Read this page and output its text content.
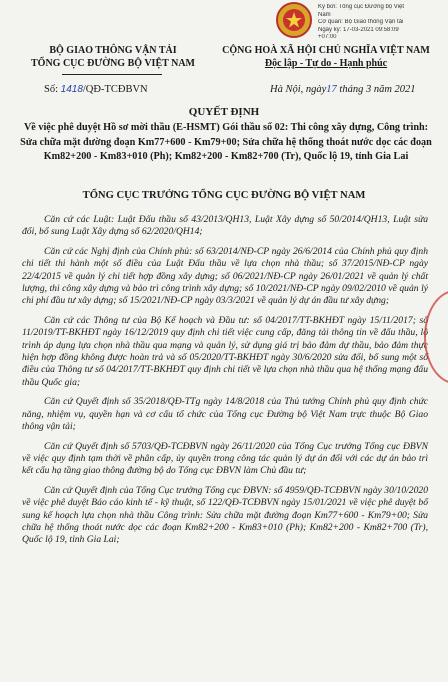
Ký bởi: Tổng cục Đường bộ Việt
Nam
Cơ quan: Bộ Giao thông Vận tải
Ngày ký: 17-03-2021 09:58:09
+07:00
BỘ GIAO THÔNG VẬN TẢI
TỔNG CỤC ĐƯỜNG BỘ VIỆT NAM
CỘNG HOÀ XÃ HỘI CHỦ NGHĨA VIỆT NAM
Độc lập - Tự do - Hạnh phúc
Số: 1418/QĐ-TCĐBVN	Hà Nội, ngày17 tháng 3 năm 2021
QUYẾT ĐỊNH
Về việc phê duyệt Hồ sơ mời thầu (E-HSMT) Gói thầu số 02: Thi công xây dựng, Công trình: Sửa chữa mặt đường đoạn Km77+600 - Km79+00; Sửa chữa hệ thống thoát nước dọc các đoạn Km82+200 - Km83+010 (Ph); Km82+200 - Km82+700 (Tr), Quốc lộ 19, tỉnh Gia Lai
TỔNG CỤC TRƯỞNG TỔNG CỤC ĐƯỜNG BỘ VIỆT NAM

Căn cứ các Luật: Luật Đấu thầu số 43/2013/QH13, Luật Xây dựng số 50/2014/QH13, Luật sửa đổi, bổ sung Luật Xây dựng số 62/2020/QH14;

Căn cứ các Nghị định của Chính phủ: số 63/2014/NĐ-CP ngày 26/6/2014 của Chính phủ quy định chi tiết thi hành một số điều của Luật Đấu thầu về lựa chọn nhà thầu; số 37/2015/NĐ-CP ngày 22/4/2015 về quản lý chi tiết hợp đồng xây dựng; số 06/2021/NĐ-CP ngày 26/01/2021 về quản lý chất lượng, thi công xây dựng và bảo trì công trình xây dựng; số 10/2021/NĐ-CP ngày 09/02/2010 về quản lý chi phí đầu tư xây dựng; số 15/2021/NĐ-CP ngày 03/3/2021 về quản lý dự án đầu tư xây dựng;

Căn cứ các Thông tư của Bộ Kế hoạch và Đầu tư: số 04/2017/TT-BKHĐT ngày 15/11/2017; số 11/2019/TT-BKHĐT ngày 16/12/2019 quy định chi tiết việc cung cấp, đăng tải thông tin về đấu thầu, lộ trình áp dụng lựa chọn nhà thầu qua mạng và quản lý, sử dụng giá trị bảo đảm dự thầu, bảo đảm thực hiện hợp đồng không được hoàn trả và số 05/2020/TT-BKHĐT ngày 30/6/2020 sửa đổi, bổ sung một số điều của Thông tư số 04/2017/TT-BKHĐT quy định chi tiết về lựa chọn nhà thầu qua hệ thống mạng đấu thầu Quốc gia;

Căn cứ Quyết định số 35/2018/QĐ-TTg ngày 14/8/2018 của Thủ tướng Chính phủ quy định chức năng, nhiệm vụ, quyền hạn và cơ cấu tổ chức của Tổng cục Đường bộ Việt Nam trực thuộc Bộ Giao thông vận tải;

Căn cứ Quyết định số 5703/QĐ-TCĐBVN ngày 26/11/2020 của Tổng Cục trưởng Tổng cục ĐBVN về việc quy định tạm thời về phân cấp, ủy quyền trong công tác quản lý dự án đối với các dự án bảo trì kết cấu hạ tầng giao thông đường bộ do Tổng cục ĐBVN làm Chủ đầu tư;

Căn cứ Quyết định của Tổng Cục trưởng Tổng cục ĐBVN: số 4959/QĐ-TCĐBVN ngày 30/10/2020 về việc phê duyệt Báo cáo kinh tế - kỹ thuật, số 122/QĐ-TCĐBVN ngày 15/01/2021 về việc phê duyệt bổ sung kế hoạch lựa chọn nhà thầu Công trình: Sửa chữa mặt đường đoạn Km77+600 - Km79+00; Sửa chữa hệ thống thoát nước dọc các đoạn Km82+200 - Km83+010 (Ph); Km82+200 - Km82+700 (Tr), Quốc lộ 19, tỉnh Gia Lai;
